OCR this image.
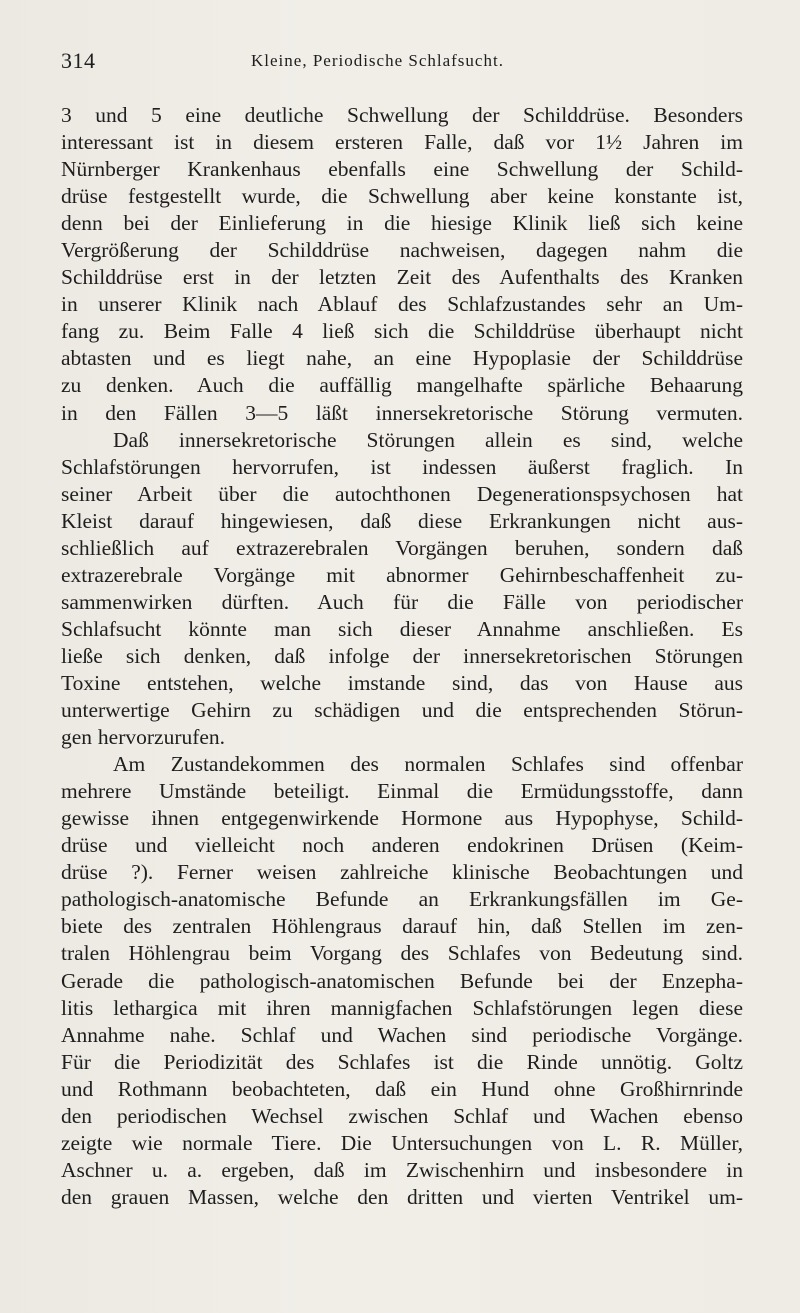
314	Kleine, Periodische Schlafsucht.
3 und 5 eine deutliche Schwellung der Schilddrüse. Besonders
interessant ist in diesem ersteren Falle, daß vor 1½ Jahren im
Nürnberger Krankenhaus ebenfalls eine Schwellung der Schild-
drüse festgestellt wurde, die Schwellung aber keine konstante ist,
denn bei der Einlieferung in die hiesige Klinik ließ sich keine
Vergrößerung der Schilddrüse nachweisen, dagegen nahm die
Schilddrüse erst in der letzten Zeit des Aufenthalts des Kranken
in unserer Klinik nach Ablauf des Schlafzustandes sehr an Um-
fang zu. Beim Falle 4 ließ sich die Schilddrüse überhaupt nicht
abtasten und es liegt nahe, an eine Hypoplasie der Schilddrüse
zu denken. Auch die auffällig mangelhafte spärliche Behaarung
in den Fällen 3—5 läßt innersekretorische Störung vermuten.
Daß innersekretorische Störungen allein es sind, welche
Schlafstörungen hervorrufen, ist indessen äußerst fraglich. In
seiner Arbeit über die autochthonen Degenerationspsychosen hat
Kleist darauf hingewiesen, daß diese Erkrankungen nicht aus-
schließlich auf extrazerebralen Vorgängen beruhen, sondern daß
extrazerebrale Vorgänge mit abnormer Gehirnbeschaffenheit zu-
sammenwirken dürften. Auch für die Fälle von periodischer
Schlafsucht könnte man sich dieser Annahme anschließen. Es
ließe sich denken, daß infolge der innersekretorischen Störungen
Toxine entstehen, welche imstande sind, das von Hause aus
unterwertige Gehirn zu schädigen und die entsprechenden Störun-
gen hervorzurufen.
Am Zustandekommen des normalen Schlafes sind offenbar
mehrere Umstände beteiligt. Einmal die Ermüdungsstoffe, dann
gewisse ihnen entgegenwirkende Hormone aus Hypophyse, Schild-
drüse und vielleicht noch anderen endokrinen Drüsen (Keim-
drüse ?). Ferner weisen zahlreiche klinische Beobachtungen und
pathologisch-anatomische Befunde an Erkrankungsfällen im Ge-
biete des zentralen Höhlengraus darauf hin, daß Stellen im zen-
tralen Höhlengrau beim Vorgang des Schlafes von Bedeutung sind.
Gerade die pathologisch-anatomischen Befunde bei der Enzepha-
litis lethargica mit ihren mannigfachen Schlafstörungen legen diese
Annahme nahe. Schlaf und Wachen sind periodische Vorgänge.
Für die Periodizität des Schlafes ist die Rinde unnötig. Goltz
und Rothmann beobachteten, daß ein Hund ohne Großhirnrinde
den periodischen Wechsel zwischen Schlaf und Wachen ebenso
zeigte wie normale Tiere. Die Untersuchungen von L. R. Müller,
Aschner u. a. ergeben, daß im Zwischenhirn und insbesondere in
den grauen Massen, welche den dritten und vierten Ventrikel um-
